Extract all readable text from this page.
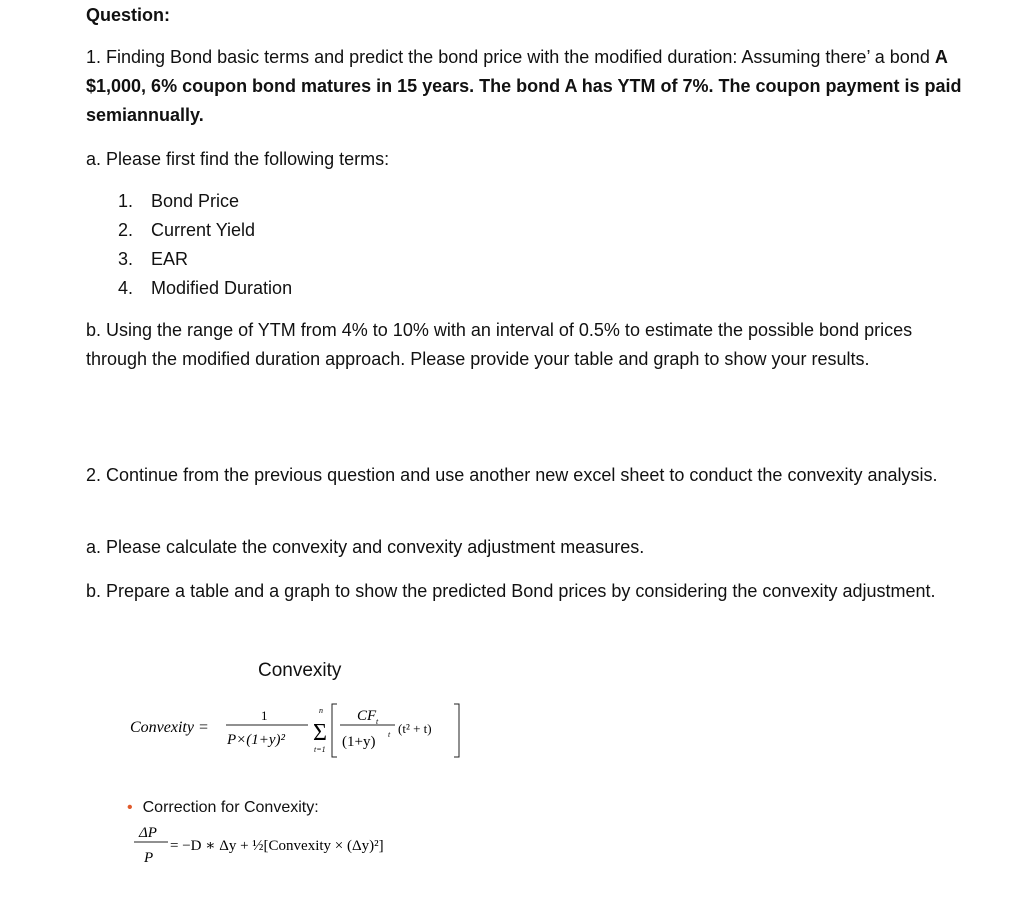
Question:
1. Finding Bond basic terms and predict the bond price with the modified duration: Assuming there’ a bond A $1,000, 6% coupon bond matures in 15 years. The bond A has YTM of 7%. The coupon payment is paid semiannually.
a. Please first find the following terms:
1. Bond Price
2. Current Yield
3. EAR
4. Modified Duration
b. Using the range of YTM from 4% to 10% with an interval of 0.5% to estimate the possible bond prices through the modified duration approach. Please provide your table and graph to show your results.
2. Continue from the previous question and use another new excel sheet to conduct the convexity analysis.
a. Please calculate the convexity and convexity adjustment measures.
b. Prepare a table and a graph to show the predicted Bond prices by considering the convexity adjustment.
Convexity
Convexity =
1
P×(1+y)² Σ
n
t=1
CF t
(1+y) t (t² + t)
• Correction for Convexity:
ΔP
P
= −D ∗ Δy + ½[Convexity × (Δy)²]
